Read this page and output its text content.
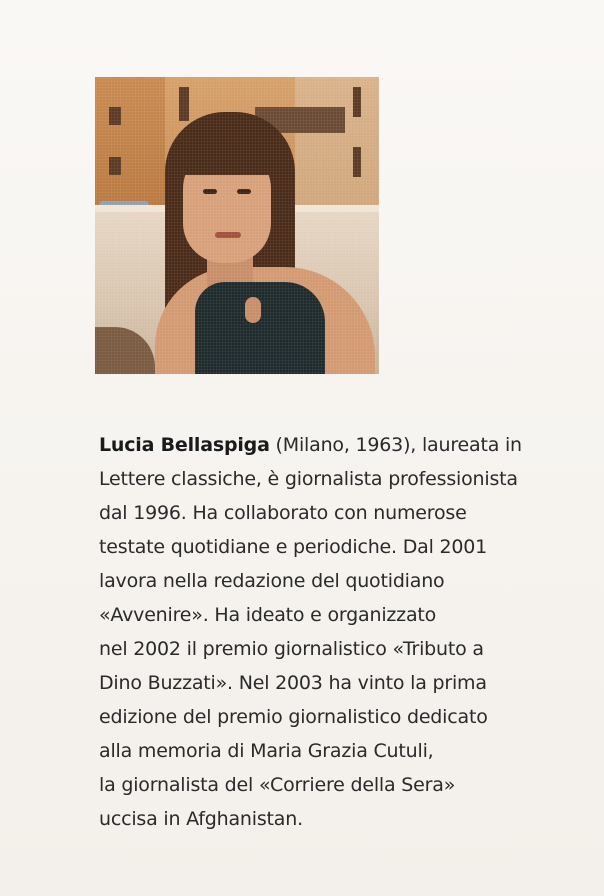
Lucia Bellaspiga (Milano, 1963), laureata in
Lettere classiche, è giornalista professionista
dal 1996. Ha collaborato con numerose
testate quotidiane e periodiche. Dal 2001
lavora nella redazione del quotidiano
«Avvenire». Ha ideato e organizzato
nel 2002 il premio giornalistico «Tributo a
Dino Buzzati». Nel 2003 ha vinto la prima
edizione del premio giornalistico dedicato
alla memoria di Maria Grazia Cutuli,
la giornalista del «Corriere della Sera»
uccisa in Afghanistan.
